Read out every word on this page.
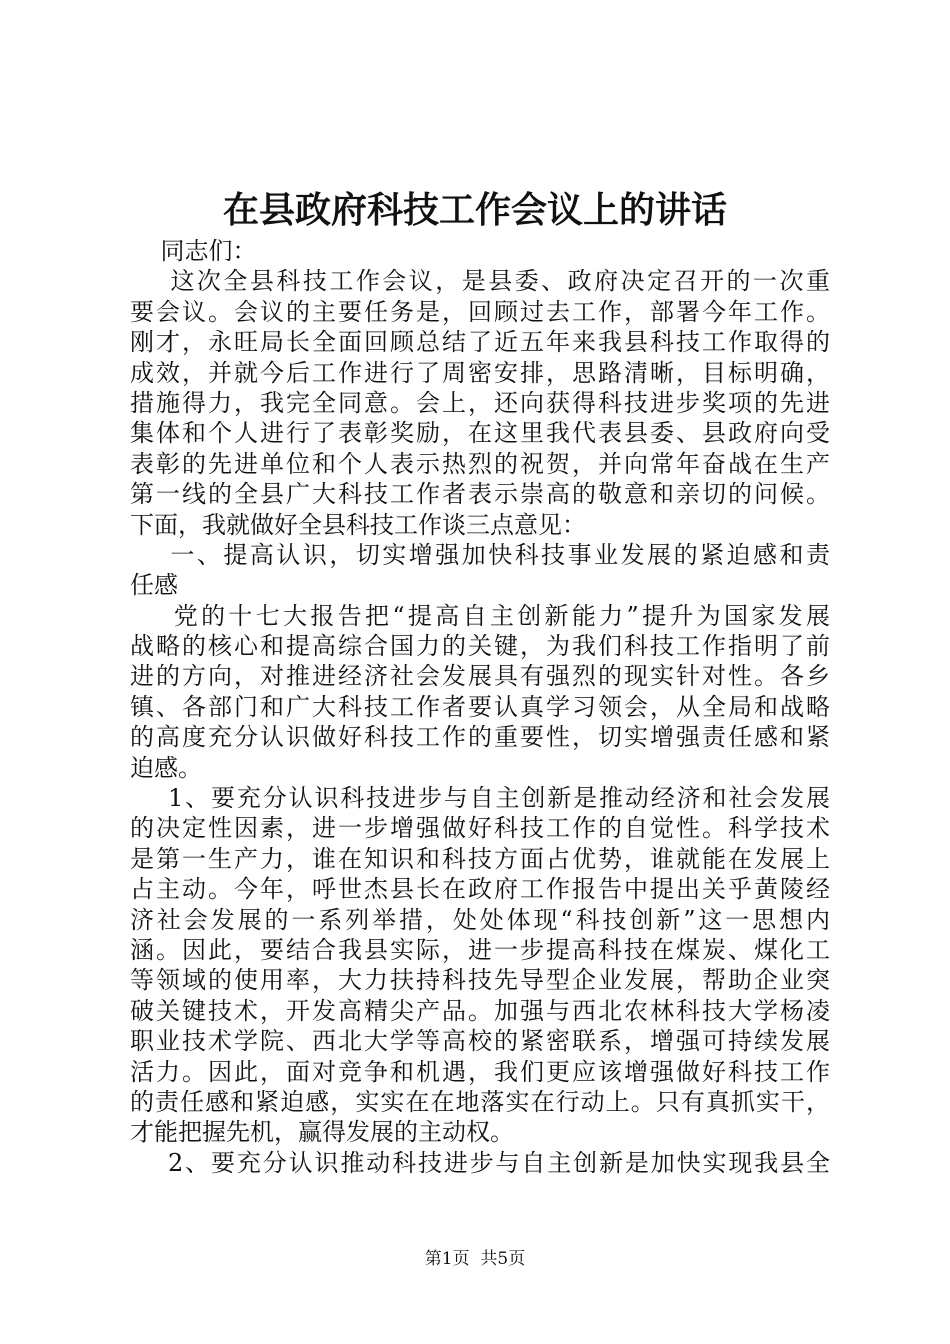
在县政府科技工作会议上的讲话
同志们：
这次全县科技工作会议，是县委、政府决定召开的一次重
要会议。会议的主要任务是，回顾过去工作，部署今年工作。
刚才，永旺局长全面回顾总结了近五年来我县科技工作取得的
成效，并就今后工作进行了周密安排，思路清晰，目标明确，
措施得力，我完全同意。会上，还向获得科技进步奖项的先进
集体和个人进行了表彰奖励，在这里我代表县委、县政府向受
表彰的先进单位和个人表示热烈的祝贺，并向常年奋战在生产
第一线的全县广大科技工作者表示崇高的敬意和亲切的问候。
下面，我就做好全县科技工作谈三点意见：
一、提高认识，切实增强加快科技事业发展的紧迫感和责
任感
党的十七大报告把“提高自主创新能力”提升为国家发展
战略的核心和提高综合国力的关键，为我们科技工作指明了前
进的方向，对推进经济社会发展具有强烈的现实针对性。各乡
镇、各部门和广大科技工作者要认真学习领会，从全局和战略
的高度充分认识做好科技工作的重要性，切实增强责任感和紧
迫感。
1、要充分认识科技进步与自主创新是推动经济和社会发展
的决定性因素，进一步增强做好科技工作的自觉性。科学技术
是第一生产力，谁在知识和科技方面占优势，谁就能在发展上
占主动。今年，呼世杰县长在政府工作报告中提出关乎黄陵经
济社会发展的一系列举措，处处体现“科技创新”这一思想内
涵。因此，要结合我县实际，进一步提高科技在煤炭、煤化工
等领域的使用率，大力扶持科技先导型企业发展，帮助企业突
破关键技术，开发高精尖产品。加强与西北农林科技大学杨凌
职业技术学院、西北大学等高校的紧密联系，增强可持续发展
活力。因此，面对竞争和机遇，我们更应该增强做好科技工作
的责任感和紧迫感，实实在在地落实在行动上。只有真抓实干，
才能把握先机，赢得发展的主动权。
2、要充分认识推动科技进步与自主创新是加快实现我县全
第1页  共5页
